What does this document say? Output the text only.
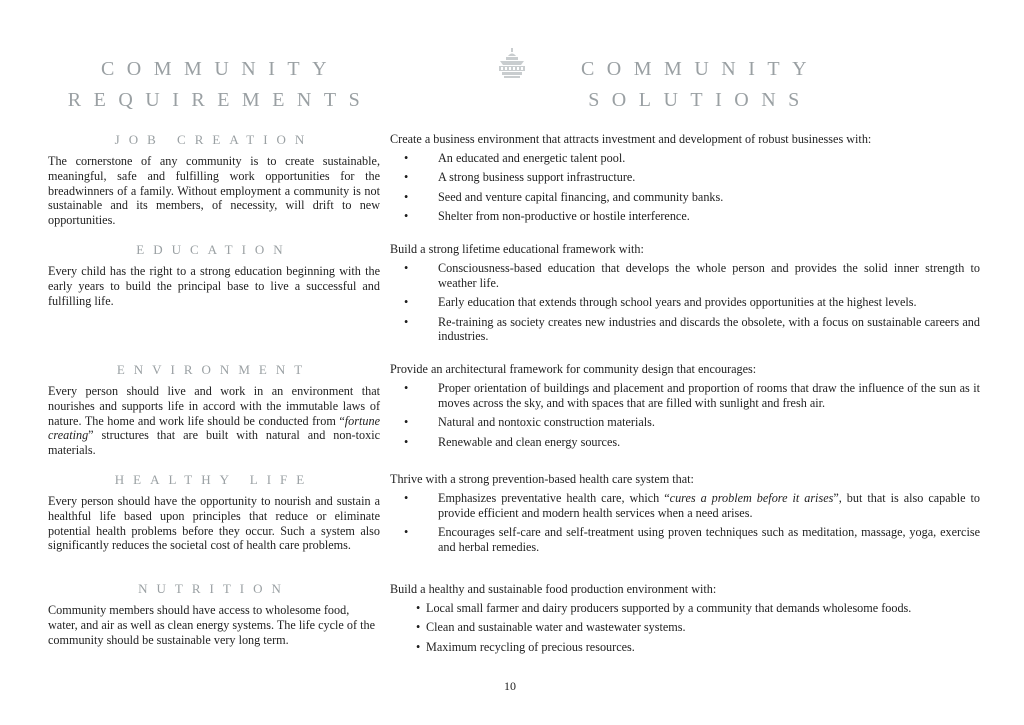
COMMUNITY REQUIREMENTS
COMMUNITY SOLUTIONS
JOB CREATION
The cornerstone of any community is to create sustainable, meaningful, safe and fulfilling work opportunities for the breadwinners of a family. Without employment a community is not sustainable and its members, of necessity, will drift to new opportunities.
Create a business environment that attracts investment and development of robust businesses with:
• An educated and energetic talent pool.
• A strong business support infrastructure.
• Seed and venture capital financing, and community banks.
• Shelter from non-productive or hostile interference.
EDUCATION
Every child has the right to a strong education beginning with the early years to build the principal base to live a successful and fulfilling life.
Build a strong lifetime educational framework with:
• Consciousness-based education that develops the whole person and provides the solid inner strength to weather life.
• Early education that extends through school years and provides opportunities at the highest levels.
• Re-training as society creates new industries and discards the obsolete, with a focus on sustainable careers and industries.
ENVIRONMENT
Every person should live and work in an environment that nourishes and supports life in accord with the immutable laws of nature. The home and work life should be conducted from “fortune creating” structures that are built with natural and non-toxic materials.
Provide an architectural framework for community design that encourages:
• Proper orientation of buildings and placement and proportion of rooms that draw the influence of the sun as it moves across the sky, and with spaces that are filled with sunlight and fresh air.
• Natural and nontoxic construction materials.
• Renewable and clean energy sources.
HEALTHY LIFE
Every person should have the opportunity to nourish and sustain a healthful life based upon principles that reduce or eliminate potential health problems before they occur. Such a system also significantly reduces the societal cost of health care problems.
Thrive with a strong prevention-based health care system that:
• Emphasizes preventative health care, which “cures a problem before it arises”, but that is also capable to provide efficient and modern health services when a need arises.
• Encourages self-care and self-treatment using proven techniques such as meditation, massage, yoga, exercise and herbal remedies.
NUTRITION
Community members should have access to wholesome food, water, and air as well as clean energy systems. The life cycle of the community should be sustainable very long term.
Build a healthy and sustainable food production environment with:
• Local small farmer and dairy producers supported by a community that demands wholesome foods.
• Clean and sustainable water and wastewater systems.
• Maximum recycling of precious resources.
10
